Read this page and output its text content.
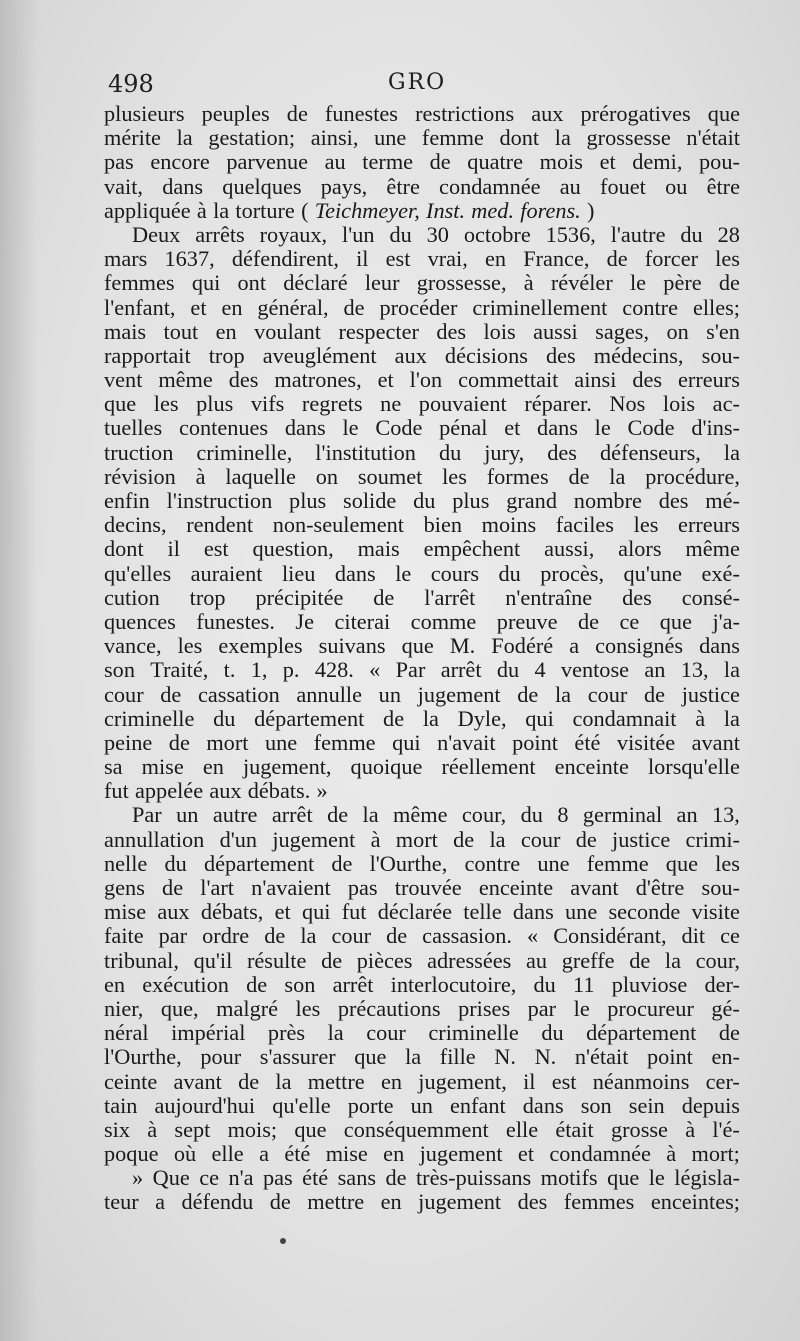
498	GRO
plusieurs peuples de funestes restrictions aux prérogatives que
mérite la gestation; ainsi, une femme dont la grossesse n'était
pas encore parvenue au terme de quatre mois et demi, pou-
vait, dans quelques pays, être condamnée au fouet ou être
appliquée à la torture ( Teichmeyer, Inst. med. forens. )
Deux arrêts royaux, l'un du 30 octobre 1536, l'autre du 28
mars 1637, défendirent, il est vrai, en France, de forcer les
femmes qui ont déclaré leur grossesse, à révéler le père de
l'enfant, et en général, de procéder criminellement contre elles;
mais tout en voulant respecter des lois aussi sages, on s'en
rapportait trop aveuglément aux décisions des médecins, sou-
vent même des matrones, et l'on commettait ainsi des erreurs
que les plus vifs regrets ne pouvaient réparer. Nos lois ac-
tuelles contenues dans le Code pénal et dans le Code d'ins-
truction criminelle, l'institution du jury, des défenseurs, la
révision à laquelle on soumet les formes de la procédure,
enfin l'instruction plus solide du plus grand nombre des mé-
decins, rendent non-seulement bien moins faciles les erreurs
dont il est question, mais empêchent aussi, alors même
qu'elles auraient lieu dans le cours du procès, qu'une exé-
cution trop précipitée de l'arrêt n'entraîne des consé-
quences funestes. Je citerai comme preuve de ce que j'a-
vance, les exemples suivans que M. Fodéré a consignés dans
son Traité, t. 1, p. 428. « Par arrêt du 4 ventose an 13, la
cour de cassation annulle un jugement de la cour de justice
criminelle du département de la Dyle, qui condamnait à la
peine de mort une femme qui n'avait point été visitée avant
sa mise en jugement, quoique réellement enceinte lorsqu'elle
fut appelée aux débats. »
Par un autre arrêt de la même cour, du 8 germinal an 13,
annullation d'un jugement à mort de la cour de justice crimi-
nelle du département de l'Ourthe, contre une femme que les
gens de l'art n'avaient pas trouvée enceinte avant d'être sou-
mise aux débats, et qui fut déclarée telle dans une seconde visite
faite par ordre de la cour de cassasion. « Considérant, dit ce
tribunal, qu'il résulte de pièces adressées au greffe de la cour,
en exécution de son arrêt interlocutoire, du 11 pluviose der-
nier, que, malgré les précautions prises par le procureur gé-
néral impérial près la cour criminelle du département de
l'Ourthe, pour s'assurer que la fille N. N. n'était point en-
ceinte avant de la mettre en jugement, il est néanmoins cer-
tain aujourd'hui qu'elle porte un enfant dans son sein depuis
six à sept mois; que conséquemment elle était grosse à l'é-
poque où elle a été mise en jugement et condamnée à mort;
» Que ce n'a pas été sans de très-puissans motifs que le législa-
teur a défendu de mettre en jugement des femmes enceintes;
